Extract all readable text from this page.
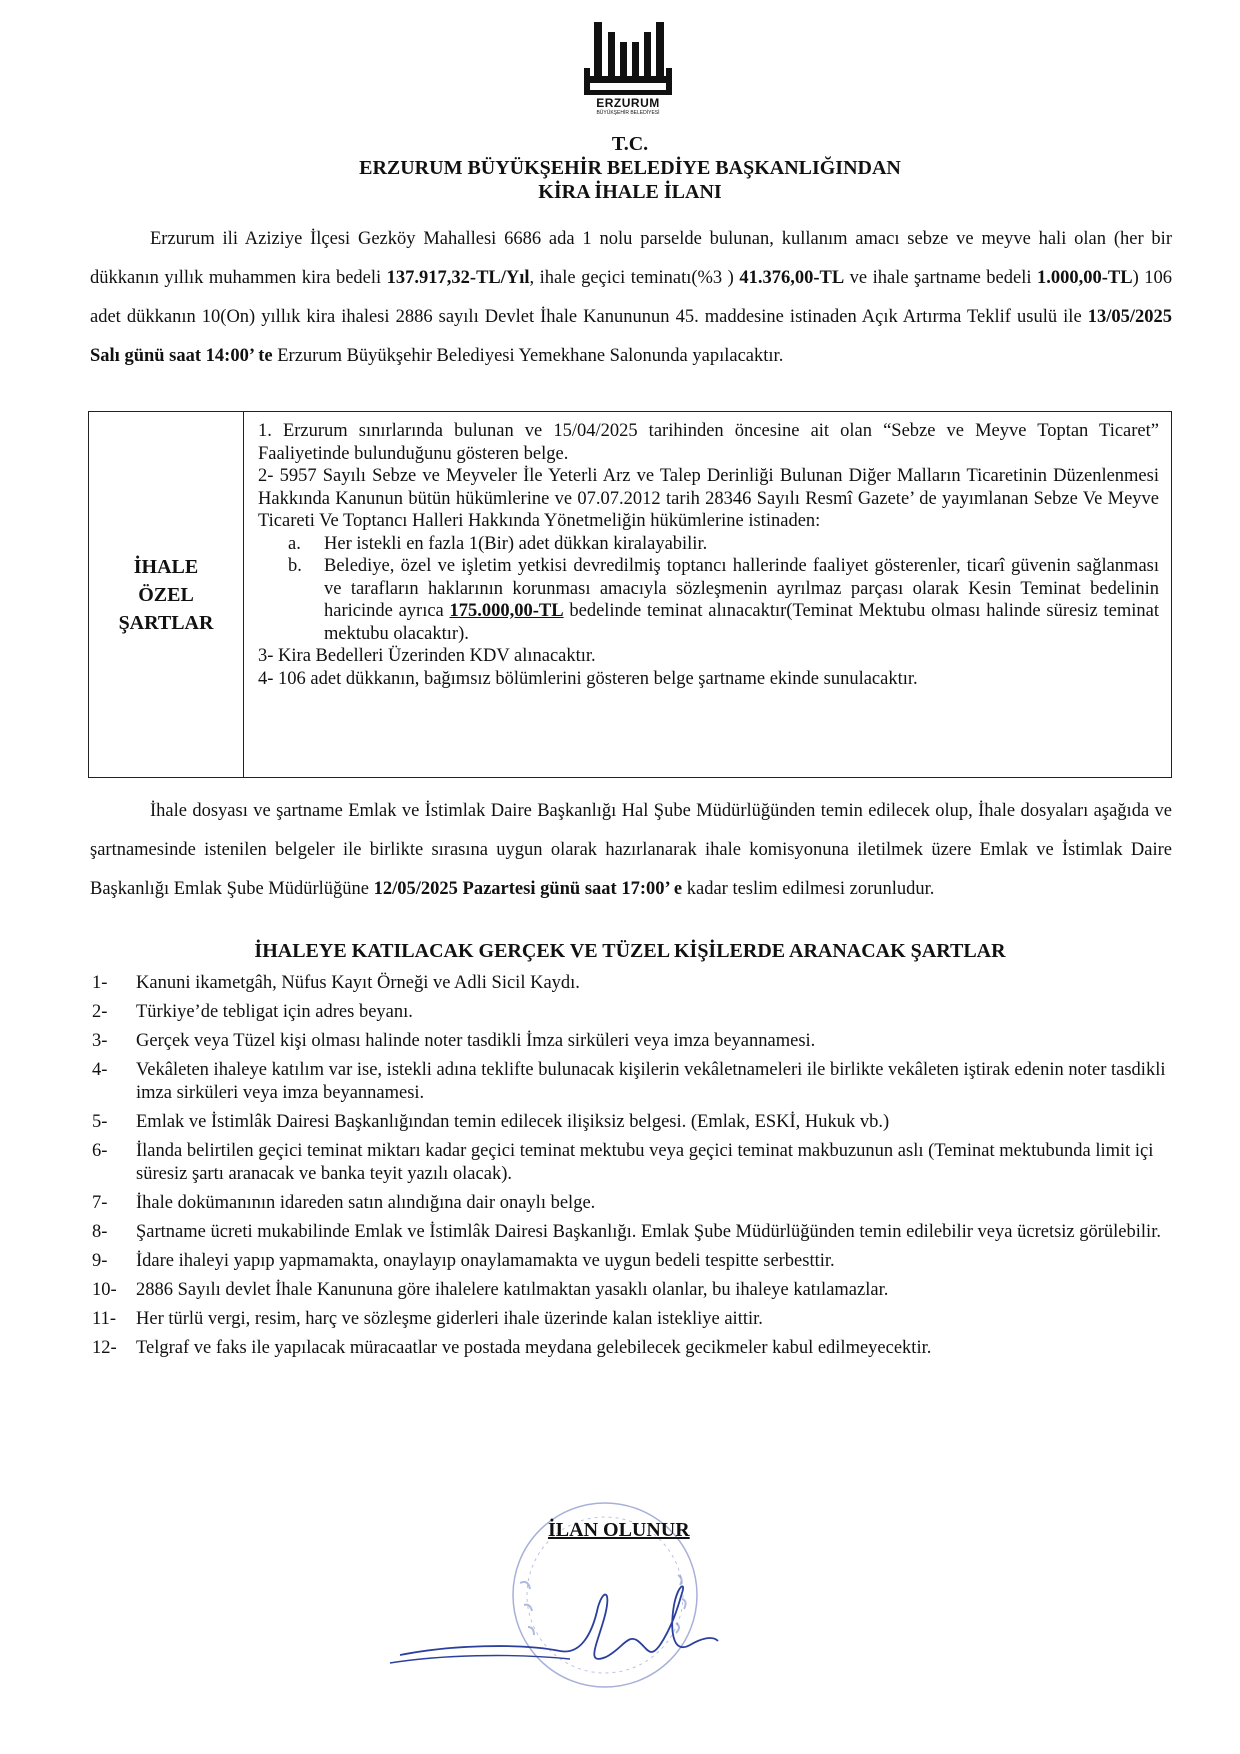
ERZURUM
BÜYÜKŞEHİR BELEDİYESİ
T.C.
ERZURUM BÜYÜKŞEHİR BELEDİYE BAŞKANLIĞINDAN
KİRA İHALE İLANI
Erzurum ili Aziziye İlçesi Gezköy Mahallesi 6686 ada 1 nolu parselde bulunan, kullanım amacı sebze ve meyve hali olan (her bir dükkanın yıllık muhammen kira bedeli 137.917,32-TL/Yıl, ihale geçici teminatı(%3 ) 41.376,00-TL ve ihale şartname bedeli 1.000,00-TL) 106 adet dükkanın 10(On) yıllık kira ihalesi 2886 sayılı Devlet İhale Kanununun 45. maddesine istinaden Açık Artırma Teklif usulü ile 13/05/2025 Salı günü saat 14:00’ te Erzurum Büyükşehir Belediyesi Yemekhane Salonunda yapılacaktır.
İHALE
ÖZEL
ŞARTLAR
1. Erzurum sınırlarında bulunan ve 15/04/2025 tarihinden öncesine ait olan “Sebze ve Meyve Toptan Ticaret” Faaliyetinde bulunduğunu gösteren belge.
2- 5957 Sayılı Sebze ve Meyveler İle Yeterli Arz ve Talep Derinliği Bulunan Diğer Malların Ticaretinin Düzenlenmesi Hakkında Kanunun bütün hükümlerine ve 07.07.2012 tarih 28346 Sayılı Resmî Gazete’ de yayımlanan Sebze Ve Meyve Ticareti Ve Toptancı Halleri Hakkında Yönetmeliğin hükümlerine istinaden:
a.	Her istekli en fazla 1(Bir) adet dükkan kiralayabilir.
b.	Belediye, özel ve işletim yetkisi devredilmiş toptancı hallerinde faaliyet gösterenler, ticarî güvenin sağlanması ve tarafların haklarının korunması amacıyla sözleşmenin ayrılmaz parçası olarak Kesin Teminat bedelinin haricinde ayrıca 175.000,00-TL bedelinde teminat alınacaktır(Teminat Mektubu olması halinde süresiz teminat mektubu olacaktır).
3- Kira Bedelleri Üzerinden KDV alınacaktır.
4- 106 adet dükkanın, bağımsız bölümlerini gösteren belge şartname ekinde sunulacaktır.
İhale dosyası ve şartname Emlak ve İstimlak Daire Başkanlığı Hal Şube Müdürlüğünden temin edilecek olup, İhale dosyaları aşağıda ve şartnamesinde istenilen belgeler ile birlikte sırasına uygun olarak hazırlanarak ihale komisyonuna iletilmek üzere Emlak ve İstimlak Daire Başkanlığı Emlak Şube Müdürlüğüne 12/05/2025 Pazartesi günü saat 17:00’ e kadar teslim edilmesi zorunludur.
İHALEYE KATILACAK GERÇEK VE TÜZEL KİŞİLERDE ARANACAK ŞARTLAR
1-	Kanuni ikametgâh, Nüfus Kayıt Örneği ve Adli Sicil Kaydı.
2-	Türkiye’de tebligat için adres beyanı.
3-	Gerçek veya Tüzel kişi olması halinde noter tasdikli İmza sirküleri veya imza beyannamesi.
4-	Vekâleten ihaleye katılım var ise, istekli adına teklifte bulunacak kişilerin vekâletnameleri ile birlikte vekâleten iştirak edenin noter tasdikli imza sirküleri veya imza beyannamesi.
5-	Emlak ve İstimlâk Dairesi Başkanlığından temin edilecek ilişiksiz belgesi. (Emlak, ESKİ, Hukuk vb.)
6-	İlanda belirtilen geçici teminat miktarı kadar geçici teminat mektubu veya geçici teminat makbuzunun aslı (Teminat mektubunda limit içi süresiz şartı aranacak ve banka teyit yazılı olacak).
7-	İhale dokümanının idareden satın alındığına dair onaylı belge.
8-	Şartname ücreti mukabilinde Emlak ve İstimlâk Dairesi Başkanlığı. Emlak Şube Müdürlüğünden temin edilebilir veya ücretsiz görülebilir.
9-	İdare ihaleyi yapıp yapmamakta, onaylayıp onaylamamakta ve uygun bedeli tespitte serbesttir.
10-	2886 Sayılı devlet İhale Kanununa göre ihalelere katılmaktan yasaklı olanlar, bu ihaleye katılamazlar.
11-	Her türlü vergi, resim, harç ve sözleşme giderleri ihale üzerinde kalan istekliye aittir.
12-	Telgraf ve faks ile yapılacak müracaatlar ve postada meydana gelebilecek gecikmeler kabul edilmeyecektir.
İLAN OLUNUR
